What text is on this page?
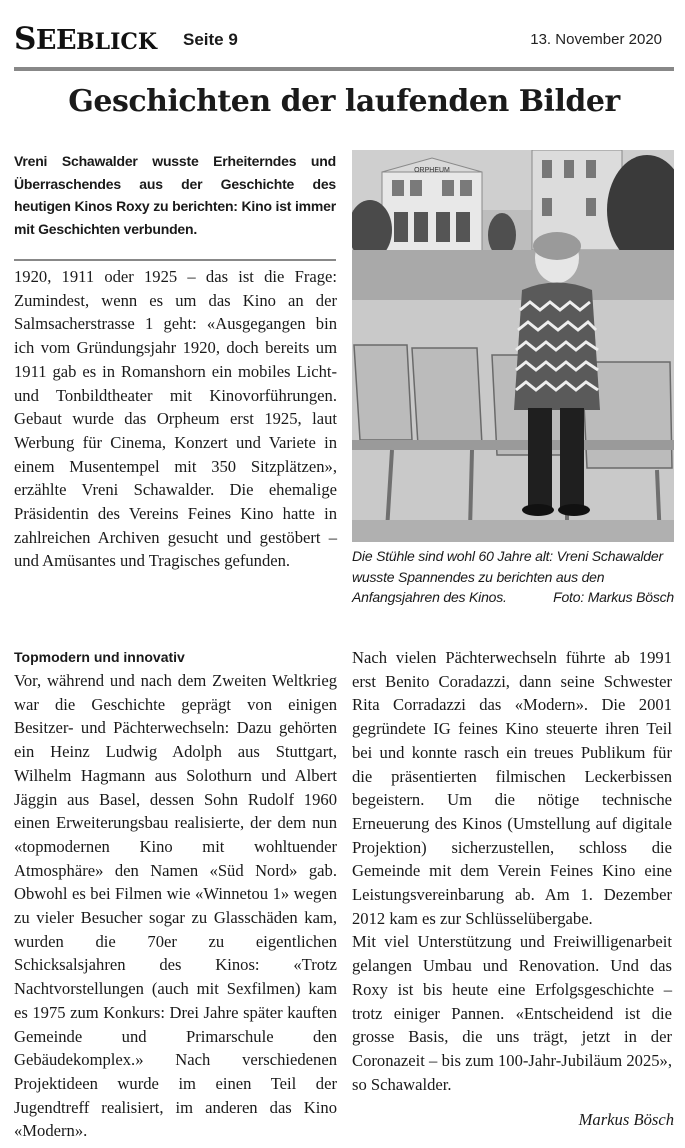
SEEBLICK Seite 9	13. November 2020
Geschichten der laufenden Bilder

Vreni Schawalder wusste Erheiterndes und Überraschendes aus der Geschichte des heutigen Kinos Roxy zu berichten: Kino ist immer mit Geschichten verbunden.

1920, 1911 oder 1925 – das ist die Frage: Zumindest, wenn es um das Kino an der Salmsacherstrasse 1 geht: «Ausgegangen bin ich vom Gründungsjahr 1920, doch bereits um 1911 gab es in Romanshorn ein mobiles Licht- und Tonbildtheater mit Kinovorführungen. Gebaut wurde das Orpheum erst 1925, laut Werbung für Cinema, Konzert und Variete in einem Musentempel mit 350 Sitzplätzen», erzählte Vreni Schawalder. Die ehemalige Präsidentin des Vereins Feines Kino hatte in zahlreichen Archiven gesucht und gestöbert – und Amüsantes und Tragisches gefunden.

ORPHEUM

Die Stühle sind wohl 60 Jahre alt: Vreni Schawalder wusste Spannendes zu berichten aus den Anfangsjahren des Kinos.	Foto: Markus Bösch

Topmodern und innovativ

Vor, während und nach dem Zweiten Weltkrieg war die Geschichte geprägt von einigen Besitzer- und Pächterwechseln: Dazu gehörten ein Heinz Ludwig Adolph aus Stuttgart, Wilhelm Hagmann aus Solothurn und Albert Jäggin aus Basel, dessen Sohn Rudolf 1960 einen Erweiterungsbau realisierte, der dem nun «topmodernen Kino mit wohltuender Atmosphäre» den Namen «Süd Nord» gab. Obwohl es bei Filmen wie «Winnetou 1» wegen zu vieler Besucher sogar zu Glasschäden kam, wurden die 70er zu eigentlichen Schicksalsjahren des Kinos: «Trotz Nachtvorstellungen (auch mit Sexfilmen) kam es 1975 zum Konkurs: Drei Jahre später kauften Gemeinde und Primarschule den Gebäudekomplex.» Nach verschiedenen Projektideen wurde im einen Teil der Jugendtreff realisiert, im anderen das Kino «Modern».

Nach vielen Pächterwechseln führte ab 1991 erst Benito Coradazzi, dann seine Schwester Rita Corradazzi das «Modern». Die 2001 gegründete IG feines Kino steuerte ihren Teil bei und konnte rasch ein treues Publikum für die präsentierten filmischen Leckerbissen begeistern. Um die nötige technische Erneuerung des Kinos (Umstellung auf digitale Projektion) sicherzustellen, schloss die Gemeinde mit dem Verein Feines Kino eine Leistungsvereinbarung ab. Am 1. Dezember 2012 kam es zur Schlüsselübergabe.

Mit viel Unterstützung und Freiwilligenarbeit gelangen Umbau und Renovation. Und das Roxy ist bis heute eine Erfolgsgeschichte – trotz einiger Pannen. «Entscheidend ist die grosse Basis, die uns trägt, jetzt in der Coronazeit – bis zum 100-Jahr-Jubiläum 2025», so Schawalder.

Markus Bösch
